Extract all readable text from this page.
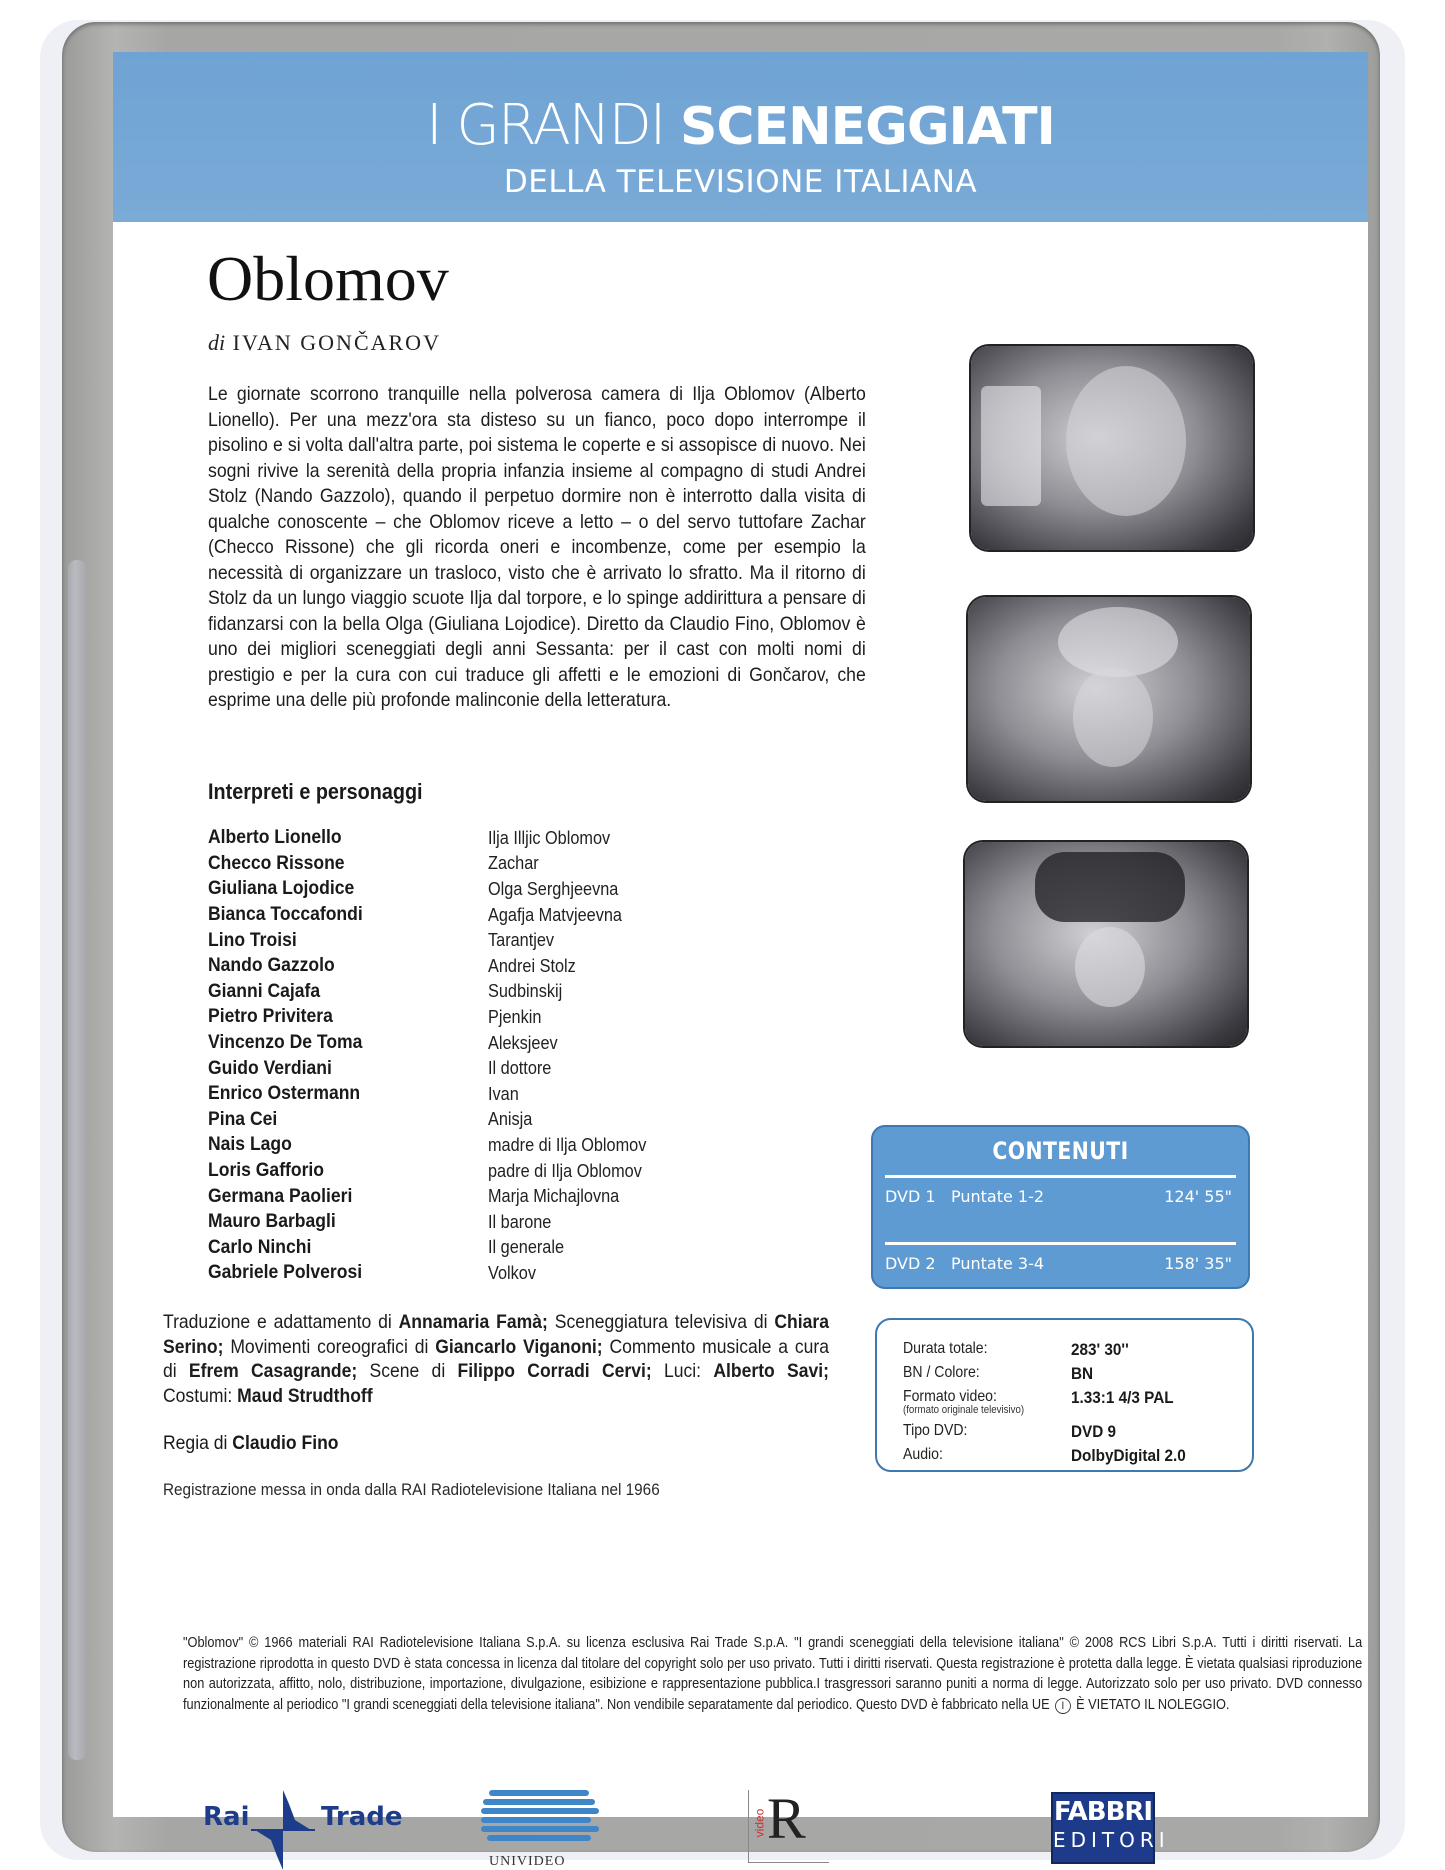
I GRANDI SCENEGGIATI
DELLA TELEVISIONE ITALIANA
Oblomov
di IVAN GONČAROV
Le giornate scorrono tranquille nella polverosa camera di Ilja Oblomov (Alberto Lionello). Per una mezz'ora sta disteso su un fianco, poco dopo interrompe il pisolino e si volta dall'altra parte, poi sistema le coperte e si assopisce di nuovo. Nei sogni rivive la serenità della propria infanzia insieme al compagno di studi Andrei Stolz (Nando Gazzolo), quando il perpetuo dormire non è interrotto dalla visita di qualche conoscente – che Oblomov riceve a letto – o del servo tuttofare Zachar (Checco Rissone) che gli ricorda oneri e incombenze, come per esempio la necessità di organizzare un trasloco, visto che è arrivato lo sfratto. Ma il ritorno di Stolz da un lungo viaggio scuote Ilja dal torpore, e lo spinge addirittura a pensare di fidanzarsi con la bella Olga (Giuliana Lojodice). Diretto da Claudio Fino, Oblomov è uno dei migliori sceneggiati degli anni Sessanta: per il cast con molti nomi di prestigio e per la cura con cui traduce gli affetti e le emozioni di Gončarov, che esprime una delle più profonde malinconie della letteratura.
Interpreti e personaggi
Alberto Lionello	Ilja Illjic Oblomov
Checco Rissone	Zachar
Giuliana Lojodice	Olga Serghjeevna
Bianca Toccafondi	Agafja Matvjeevna
Lino Troisi	Tarantjev
Nando Gazzolo	Andrei Stolz
Gianni Cajafa	Sudbinskij
Pietro Privitera	Pjenkin
Vincenzo De Toma	Aleksjeev
Guido Verdiani	Il dottore
Enrico Ostermann	Ivan
Pina Cei	Anisja
Nais Lago	madre di Ilja Oblomov
Loris Gafforio	padre di Ilja Oblomov
Germana Paolieri	Marja Michajlovna
Mauro Barbagli	Il barone
Carlo Ninchi	Il generale
Gabriele Polverosi	Volkov
Traduzione e adattamento di Annamaria Famà; Sceneggiatura televisiva di Chiara Serino; Movimenti coreografici di Giancarlo Viganoni; Commento musicale a cura di Efrem Casagrande; Scene di Filippo Corradi Cervi; Luci: Alberto Savi; Costumi: Maud Strudthoff
Regia di Claudio Fino
Registrazione messa in onda dalla RAI Radiotelevisione Italiana nel 1966
CONTENUTI
DVD 1 Puntate 1-2	124' 55"
DVD 2 Puntate 3-4	158' 35"
Durata totale:	283' 30''
BN / Colore:	BN
Formato video:
(formato originale televisivo)
1.33:1 4/3 PAL
Tipo DVD:	DVD 9
Audio:	DolbyDigital 2.0
"Oblomov" © 1966 materiali RAI Radiotelevisione Italiana S.p.A. su licenza esclusiva Rai Trade S.p.A. "I grandi sceneggiati della televisione italiana" © 2008 RCS Libri S.p.A. Tutti i diritti riservati. La registrazione riprodotta in questo DVD è stata concessa in licenza dal titolare del copyright solo per uso privato. Tutti i diritti riservati. Questa registrazione è protetta dalla legge. È vietata qualsiasi riproduzione non autorizzata, affitto, nolo, distribuzione, importazione, divulgazione, esibizione e rappresentazione pubblica.I trasgressori saranno puniti a norma di legge. Autorizzato solo per uso privato. DVD connesso funzionalmente al periodico "I grandi sceneggiati della televisione italiana". Non vendibile separatamente dal periodico. Questo DVD è fabbricato nella UE I È VIETATO IL NOLEGGIO.
Rai	Trade
UNIVIDEO
video R	FABBRI
EDITORI
